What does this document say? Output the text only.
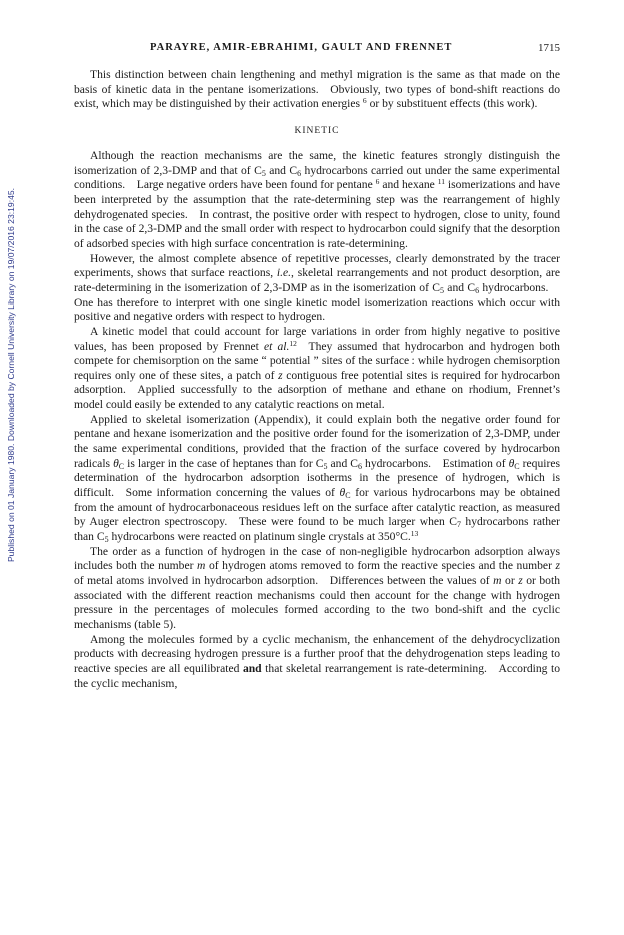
Published on 01 January 1980. Downloaded by Cornell University Library on 19/07/2016 23:19:45.
PARAYRE, AMIR-EBRAHIMI, GAULT AND FRENNET	1715

This distinction between chain lengthening and methyl migration is the same as that made on the basis of kinetic data in the pentane isomerizations. Obviously, two types of bond-shift reactions do exist, which may be distinguished by their activation energies $^6$ or by substituent effects (this work).

KINETIC

Although the reaction mechanisms are the same, the kinetic features strongly distinguish the isomerization of 2,3-DMP and that of $C_5$ and $C_6$ hydrocarbons carried out under the same experimental conditions. Large negative orders have been found for pentane $^6$ and hexane $^{11}$ isomerizations and have been interpreted by the assumption that the rate-determining step was the rearrangement of highly dehydrogenated species. In contrast, the positive order with respect to hydrogen, close to unity, found in the case of 2,3-DMP and the small order with respect to hydrocarbon could signify that the desorption of adsorbed species with high surface concentration is rate-determining.

However, the almost complete absence of repetitive processes, clearly demonstrated by the tracer experiments, shows that surface reactions, i.e., skeletal rearrangements and not product desorption, are rate-determining in the isomerization of 2,3-DMP as in the isomerization of $C_5$ and $C_6$ hydrocarbons. One has therefore to interpret with one single kinetic model isomerization reactions which occur with positive and negative orders with respect to hydrogen.

A kinetic model that could account for large variations in order from highly negative to positive values, has been proposed by Frennet et al.$^{12}$ They assumed that hydrocarbon and hydrogen both compete for chemisorption on the same “ potential ” sites of the surface : while hydrogen chemisorption requires only one of these sites, a patch of z contiguous free potential sites is required for hydrocarbon adsorption. Applied successfully to the adsorption of methane and ethane on rhodium, Frennet’s model could easily be extended to any catalytic reactions on metal.

Applied to skeletal isomerization (Appendix), it could explain both the negative order found for pentane and hexane isomerization and the positive order found for the isomerization of 2,3-DMP, under the same experimental conditions, provided that the fraction of the surface covered by hydrocarbon radicals $\theta_C$ is larger in the case of heptanes than for $C_5$ and $C_6$ hydrocarbons. Estimation of $\theta_C$ requires determination of the hydrocarbon adsorption isotherms in the presence of hydrogen, which is difficult. Some information concerning the values of $\theta_C$ for various hydrocarbons may be obtained from the amount of hydrocarbonaceous residues left on the surface after catalytic reaction, as measured by Auger electron spectroscopy. These were found to be much larger when $C_7$ hydrocarbons rather than $C_5$ hydrocarbons were reacted on platinum single crystals at 350°C.$^{13}$

The order as a function of hydrogen in the case of non-negligible hydrocarbon adsorption always includes both the number m of hydrogen atoms removed to form the reactive species and the number z of metal atoms involved in hydrocarbon adsorption. Differences between the values of m or z or both associated with the different reaction mechanisms could then account for the change with hydrogen pressure in the percentages of molecules formed according to the two bond-shift and the cyclic mechanisms (table 5).

Among the molecules formed by a cyclic mechanism, the enhancement of the dehydrocyclization products with decreasing hydrogen pressure is a further proof that the dehydrogenation steps leading to reactive species are all equilibrated and that skeletal rearrangement is rate-determining. According to the cyclic mechanism,
